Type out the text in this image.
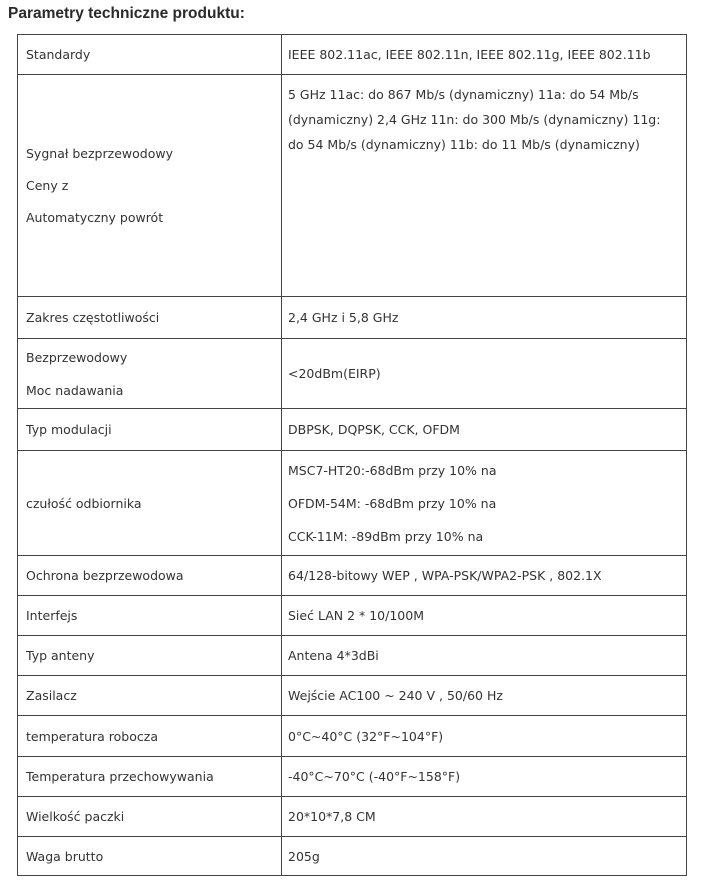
Parametry techniczne produktu:
Standardy	IEEE 802.11ac, IEEE 802.11n, IEEE 802.11g, IEEE 802.11b

Sygnał bezprzewodowy
Ceny z
Automatyczny powrót	5 GHz 11ac: do 867 Mb/s (dynamiczny) 11a: do 54 Mb/s (dynamiczny) 2,4 GHz 11n: do 300 Mb/s (dynamiczny) 11g: do 54 Mb/s (dynamiczny) 11b: do 11 Mb/s (dynamiczny)

Zakres częstotliwości	2,4 GHz i 5,8 GHz

Bezprzewodowy
Moc nadawania	<20dBm(EIRP)

Typ modulacji	DBPSK, DQPSK, CCK, OFDM

czułość odbiornika	MSC7-HT20:-68dBm przy 10% na
OFDM-54M: -68dBm przy 10% na
CCK-11M: -89dBm przy 10% na

Ochrona bezprzewodowa	64/128-bitowy WEP , WPA-PSK/WPA2-PSK , 802.1X

Interfejs	Sieć LAN 2 * 10/100M

Typ anteny	Antena 4*3dBi

Zasilacz	Wejście AC100 ~ 240 V , 50/60 Hz

temperatura robocza	0°C~40°C (32°F~104°F)

Temperatura przechowywania	-40°C~70°C (-40°F~158°F)

Wielkość paczki	20*10*7,8 CM

Waga brutto	205g
